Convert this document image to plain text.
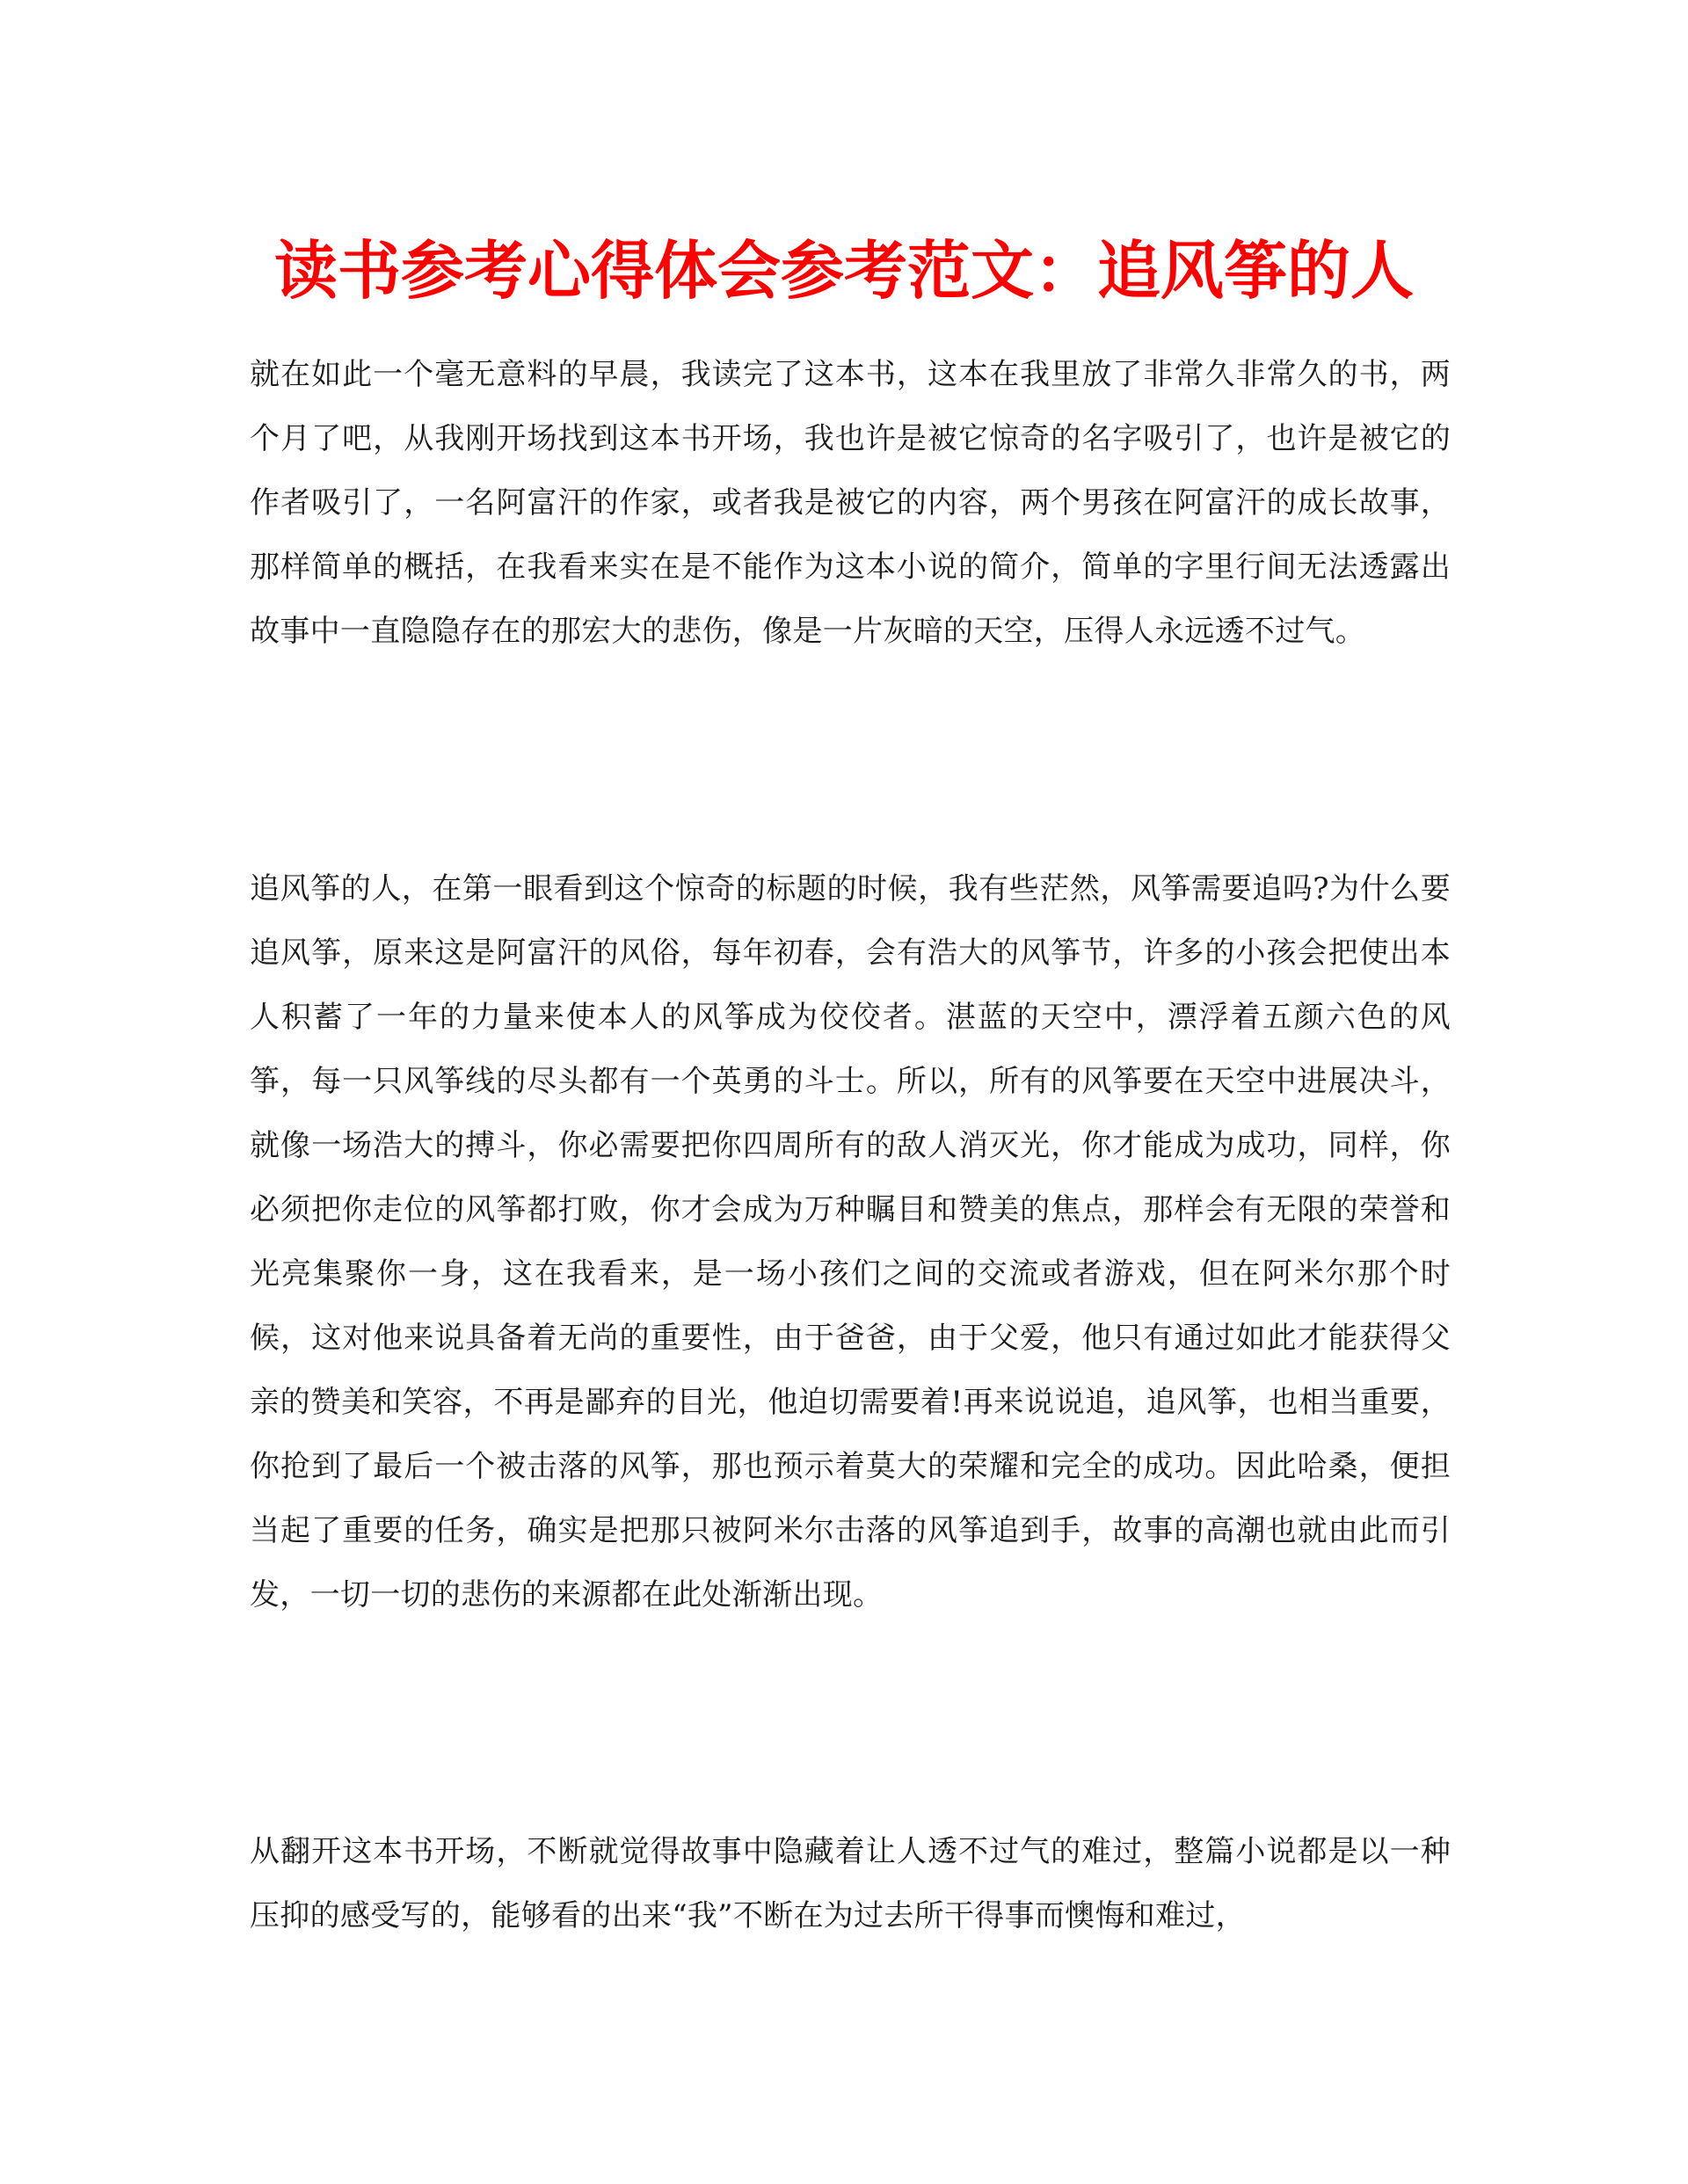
读书参考心得体会参考范文：追风筝的人

就在如此一个毫无意料的早晨，我读完了这本书，这本在我里放了非常久非常久的书，两个月了吧，从我刚开场找到这本书开场，我也许是被它惊奇的名字吸引了，也许是被它的作者吸引了，一名阿富汗的作家，或者我是被它的内容，两个男孩在阿富汗的成长故事，那样简单的概括，在我看来实在是不能作为这本小说的简介，简单的字里行间无法透露出故事中一直隐隐存在的那宏大的悲伤，像是一片灰暗的天空，压得人永远透不过气。

追风筝的人，在第一眼看到这个惊奇的标题的时候，我有些茫然，风筝需要追吗?为什么要追风筝，原来这是阿富汗的风俗，每年初春，会有浩大的风筝节，许多的小孩会把使出本人积蓄了一年的力量来使本人的风筝成为佼佼者。湛蓝的天空中，漂浮着五颜六色的风筝，每一只风筝线的尽头都有一个英勇的斗士。所以，所有的风筝要在天空中进展决斗，就像一场浩大的搏斗，你必需要把你四周所有的敌人消灭光，你才能成为成功，同样，你必须把你走位的风筝都打败，你才会成为万种瞩目和赞美的焦点，那样会有无限的荣誉和光亮集聚你一身，这在我看来，是一场小孩们之间的交流或者游戏，但在阿米尔那个时候，这对他来说具备着无尚的重要性，由于爸爸，由于父爱，他只有通过如此才能获得父亲的赞美和笑容，不再是鄙弃的目光，他迫切需要着!再来说说追，追风筝，也相当重要，你抢到了最后一个被击落的风筝，那也预示着莫大的荣耀和完全的成功。因此哈桑，便担当起了重要的任务，确实是把那只被阿米尔击落的风筝追到手，故事的高潮也就由此而引发，一切一切的悲伤的来源都在此处渐渐出现。

从翻开这本书开场，不断就觉得故事中隐藏着让人透不过气的难过，整篇小说都是以一种压抑的感受写的，能够看的出来“我”不断在为过去所干得事而懊悔和难过，
